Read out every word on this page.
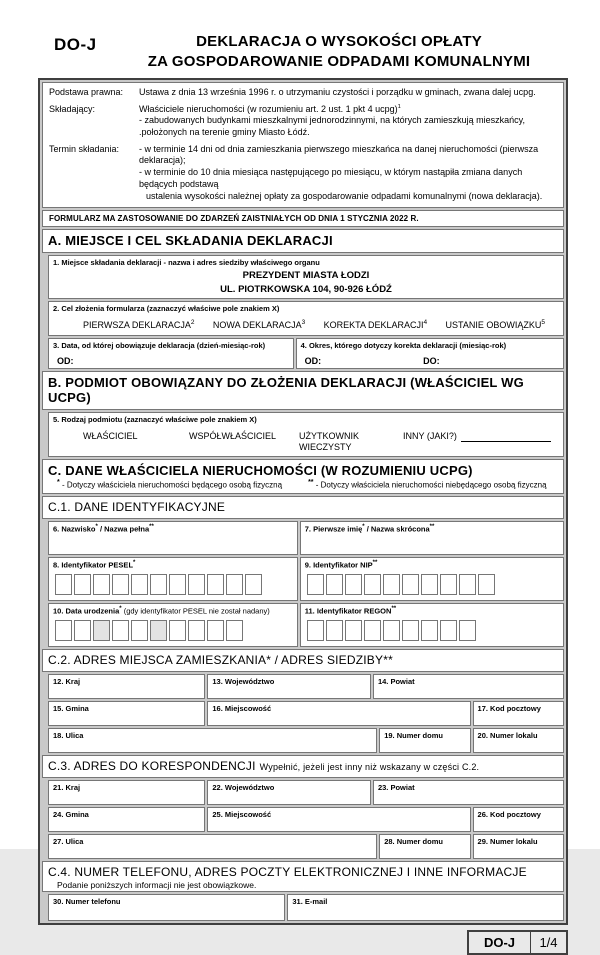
DO-J	DEKLARACJA O WYSOKOŚCI OPŁATY
ZA GOSPODAROWANIE ODPADAMI KOMUNALNYMI
Podstawa prawna:	Ustawa z dnia 13 września 1996 r. o utrzymaniu czystości i porządku w gminach, zwana dalej ucpg.
Składający:	Właściciele nieruchomości (w rozumieniu art. 2 ust. 1 pkt 4 ucpg)$^1$
- zabudowanych budynkami mieszkalnymi jednorodzinnymi, na których zamieszkują mieszkańcy,
.położonych na terenie gminy Miasto Łódź.
Termin składania:	- w terminie 14 dni od dnia zamieszkania pierwszego mieszkańca na danej nieruchomości (pierwsza deklaracja);
- w terminie do 10 dnia miesiąca następującego po miesiącu, w którym nastąpiła zmiana danych będących podstawą
ustalenia wysokości należnej opłaty za gospodarowanie odpadami komunalnymi (nowa deklaracja).
FORMULARZ MA ZASTOSOWANIE DO ZDARZEŃ ZAISTNIAŁYCH OD DNIA 1 STYCZNIA 2022 R.
A. MIEJSCE I CEL SKŁADANIA DEKLARACJI
1. Miejsce składania deklaracji - nazwa i adres siedziby właściwego organu
PREZYDENT MIASTA ŁODZI
UL. PIOTRKOWSKA 104, 90-926 ŁÓDŹ
2. Cel złożenia formularza (zaznaczyć właściwe pole znakiem X)
PIERWSZA DEKLARACJA$^2$ NOWA DEKLARACJA$^3$ KOREKTA DEKLARACJI$^4$ USTANIE OBOWIĄZKU$^5$
3. Data, od której obowiązuje deklaracja (dzień-miesiąc-rok)
OD:
4. Okres, którego dotyczy korekta deklaracji (miesiąc-rok)
OD:	DO:
B. PODMIOT OBOWIĄZANY DO ZŁOŻENIA DEKLARACJI (WŁAŚCICIEL WG UCPG)
5. Rodzaj podmiotu (zaznaczyć właściwe pole znakiem X)
WŁAŚCICIEL	WSPÓŁWŁAŚCICIEL	UŻYTKOWNIK WIECZYSTY
INNY (JAKI?)
C. DANE WŁAŚCICIELA NIERUCHOMOŚCI (W ROZUMIENIU UCPG)
* - Dotyczy właściciela nieruchomości będącego osobą fizyczną	** - Dotyczy właściciela nieruchomości niebędącego osobą fizyczną
C.1. DANE IDENTYFIKACYJNE
6. Nazwisko* / Nazwa pełna**	7. Pierwsze imię* / Nazwa skrócona**
8. Identyfikator PESEL*	9. Identyfikator NIP**
10. Data urodzenia* (gdy identyfikator PESEL nie został nadany)	11. Identyfikator REGON**
C.2. ADRES MIEJSCA ZAMIESZKANIA* / ADRES SIEDZIBY**
12. Kraj	13. Województwo	14. Powiat
15. Gmina	16. Miejscowość	17. Kod pocztowy
18. Ulica	19. Numer domu	20. Numer lokalu
C.3. ADRES DO KORESPONDENCJI Wypełnić, jeżeli jest inny niż wskazany w części C.2.
21. Kraj	22. Województwo	23. Powiat
24. Gmina	25. Miejscowość	26. Kod pocztowy
27. Ulica	28. Numer domu	29. Numer lokalu
C.4. NUMER TELEFONU, ADRES POCZTY ELEKTRONICZNEJ I INNE INFORMACJE
Podanie poniższych informacji nie jest obowiązkowe.
30. Numer telefonu	31. E-mail
DO-J	1/4
